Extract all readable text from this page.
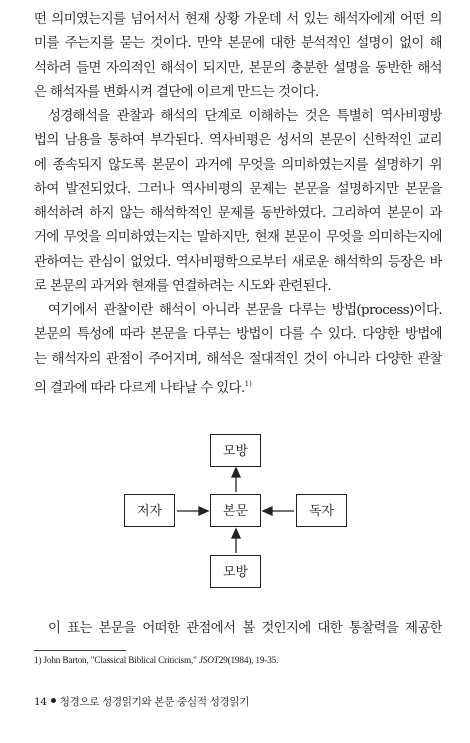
떤 의미였는지를 넘어서서 현재 상황 가운데 서 있는 해석자에게 어떤 의
미를 주는지를 묻는 것이다. 만약 본문에 대한 분석적인 설명이 없이 해
석하려 들면 자의적인 해석이 되지만, 본문의 충분한 설명을 동반한 해석
은 해석자를 변화시켜 결단에 이르게 만드는 것이다.
성경해석을 관찰과 해석의 단계로 이해하는 것은 특별히 역사비평방
법의 남용을 통하여 부각된다. 역사비평은 성서의 본문이 신학적인 교리
에 종속되지 않도록 본문이 과거에 무엇을 의미하였는지를 설명하기 위
하여 발전되었다. 그러나 역사비평의 문제는 본문을 설명하지만 본문을
해석하려 하지 않는 해석학적인 문제를 동반하였다. 그리하여 본문이 과
거에 무엇을 의미하였는지는 말하지만, 현재 본문이 무엇을 의미하는지에
관하여는 관심이 없었다. 역사비평학으로부터 새로운 해석학의 등장은 바
로 본문의 과거와 현재를 연결하려는 시도와 관련된다.
여기에서 관찰이란 해석이 아니라 본문을 다루는 방법(process)이다.
본문의 특성에 따라 본문을 다루는 방법이 다를 수 있다. 다양한 방법에
는 해석자의 관점이 주어지며, 해석은 절대적인 것이 아니라 다양한 관찰
의 결과에 따라 다르게 나타날 수 있다.$^{1)}$
모방
저자	본문	독자
모방
이 표는 본문을 어떠한 관점에서 볼 것인지에 대한 통찰력을 제공한
1) John Barton, "Classical Biblical Criticism," JSOT29(1984), 19-35.
14 청경으로 성경읽기와 본문 중심적 성경읽기
